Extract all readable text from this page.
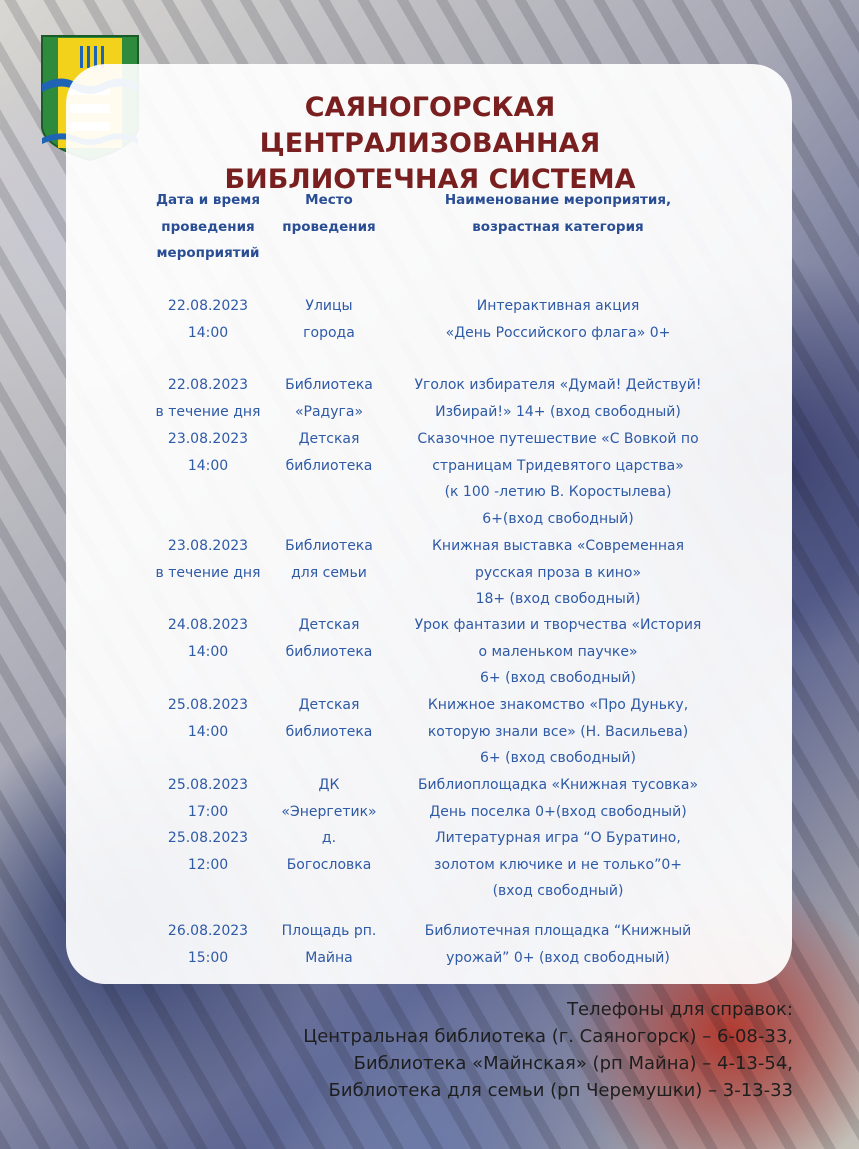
САЯНОГОРСКАЯ
ЦЕНТРАЛИЗОВАННАЯ
БИБЛИОТЕЧНАЯ СИСТЕМА
Дата и время
проведения
мероприятий
Место
проведения
Наименование мероприятия,
возрастная категория
22.08.2023
14:00
Улицы
города
Интерактивная акция
«День Российского флага» 0+
22.08.2023
в течение дня
Библиотека
«Радуга»
Уголок избирателя «Думай! Действуй!
Избирай!» 14+ (вход свободный)
23.08.2023
14:00
Детская
библиотека
Сказочное путешествие «С Вовкой по
страницам Тридевятого царства»
(к 100 -летию В. Коростылева)
6+(вход свободный)
23.08.2023
в течение дня
Библиотека
для семьи
Книжная выставка «Современная
русская проза в кино»
18+ (вход свободный)
24.08.2023
14:00
Детская
библиотека
Урок фантазии и творчества «История
о маленьком паучке»
6+ (вход свободный)
25.08.2023
14:00
Детская
библиотека
Книжное знакомство «Про Дуньку,
которую знали все» (Н. Васильева)
6+ (вход свободный)
25.08.2023
17:00
ДК
«Энергетик»
Библиоплощадка «Книжная тусовка»
День поселка 0+(вход свободный)
25.08.2023
12:00
д.
Богословка
Литературная игра “О Буратино,
золотом ключике и не только”0+
(вход свободный)
26.08.2023
15:00
Площадь рп.
Майна
Библиотечная площадка “Книжный
урожай” 0+ (вход свободный)
Телефоны для справок:
Центральная библиотека (г. Саяногорск) – 6-08-33,
Библиотека «Майнская» (рп Майна) – 4-13-54,
Библиотека для семьи (рп Черемушки) – 3-13-33
